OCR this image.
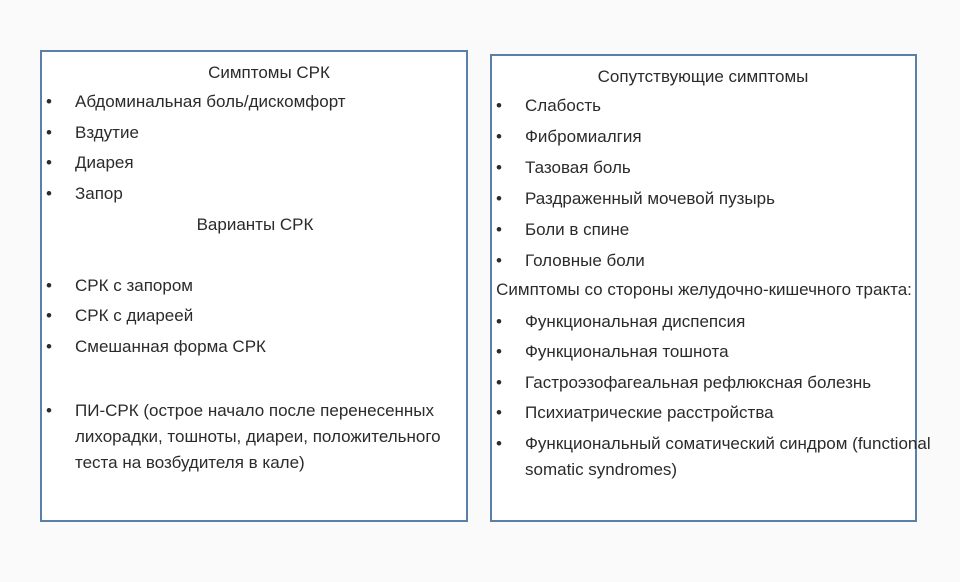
Симптомы СРК
• Абдоминальная боль/дискомфорт
• Вздутие
• Диарея
• Запор
Варианты СРК
• СРК с запором
• СРК с диареей
• Смешанная форма СРК
• ПИ-СРК (острое начало после перенесенных
лихорадки, тошноты, диареи, положительного
теста на возбудителя в кале)
Сопутствующие симптомы
• Слабость
• Фибромиалгия
• Тазовая боль
• Раздраженный мочевой пузырь
• Боли в спине
• Головные боли
Симптомы со стороны желудочно-кишечного тракта:
• Функциональная диспепсия
• Функциональная тошнота
• Гастроэзофагеальная рефлюксная болезнь
• Психиатрические расстройства
• Функциональный соматический синдром (functional
somatic syndromes)
